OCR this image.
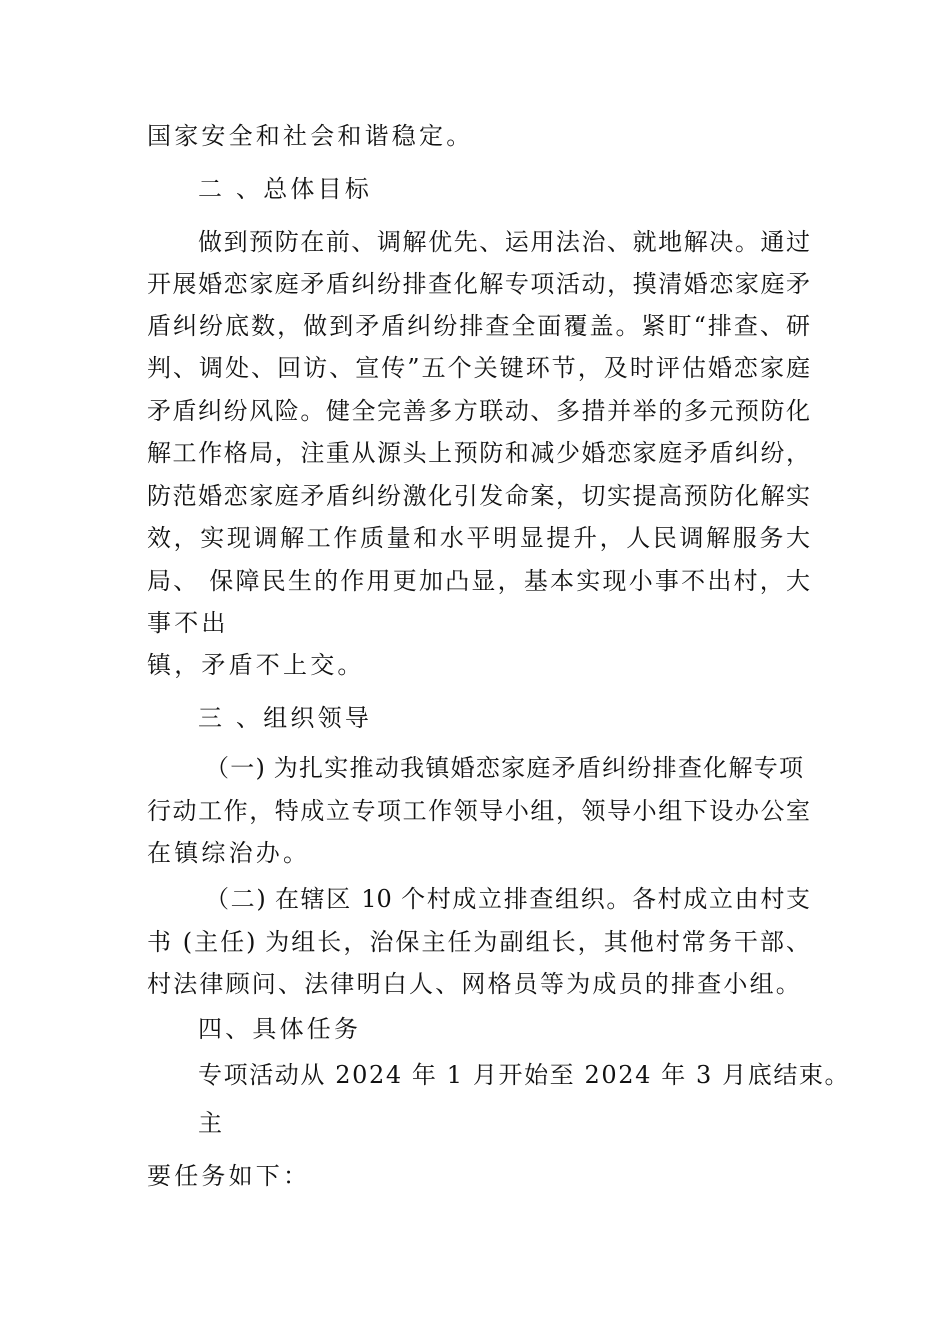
国家安全和社会和谐稳定。
二 、总体目标
做到预防在前、调解优先、运用法治、就地解决。通过
开展婚恋家庭矛盾纠纷排查化解专项活动，摸清婚恋家庭矛
盾纠纷底数，做到矛盾纠纷排查全面覆盖。紧盯“排查、研
判、调处、回访、宣传”五个关键环节，及时评估婚恋家庭
矛盾纠纷风险。健全完善多方联动、多措并举的多元预防化
解工作格局，注重从源头上预防和减少婚恋家庭矛盾纠纷，
防范婚恋家庭矛盾纠纷激化引发命案，切实提高预防化解实
效，实现调解工作质量和水平明显提升，人民调解服务大
局、 保障民生的作用更加凸显，基本实现小事不出村，大
事不出
镇，矛盾不上交。
三 、组织领导
（一) 为扎实推动我镇婚恋家庭矛盾纠纷排查化解专项
行动工作，特成立专项工作领导小组，领导小组下设办公室
在镇综治办。
（二) 在辖区 10 个村成立排查组织。各村成立由村支
书 (主任) 为组长，治保主任为副组长，其他村常务干部、
村法律顾问、法律明白人、网格员等为成员的排查小组。
四、具体任务
专项活动从 2024 年 1 月开始至 2024 年 3 月底结束。
主
要任务如下：
